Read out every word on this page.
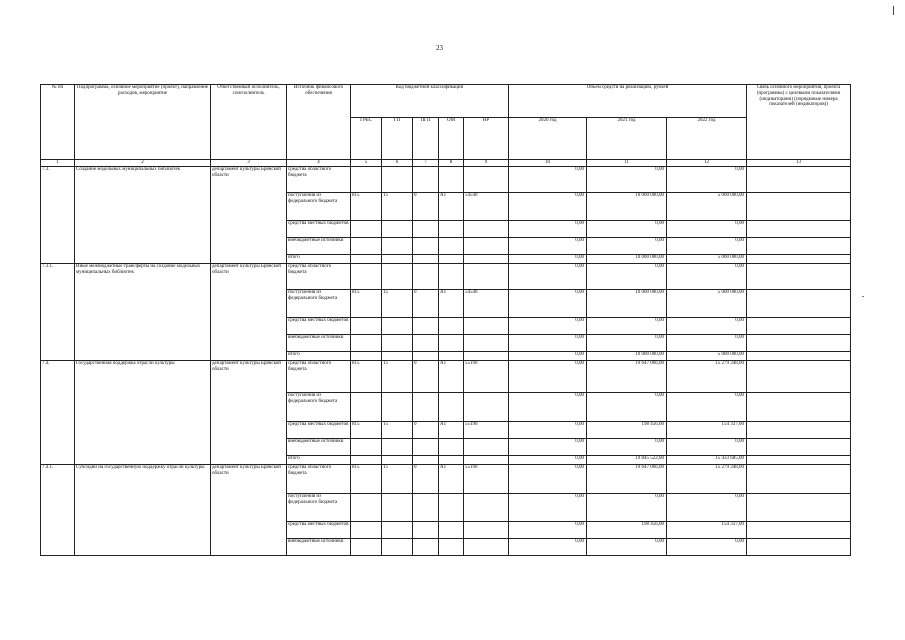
23
№ пп	Подпрограмма, основное мероприятие (проект), направление расходов, мероприятие	Ответственный исполнитель, соисполнитель	Источник финансового обеспечения	Код бюджетной классификации					Объём средств на реализацию, рублей			Связь основного мероприятия, проекта (программы) с целевыми показателями (индикаторами) (порядковые номера показателей (индикаторов))
				ГРБС	ГП	ПГП	ОМ	НР	2020 год	2021 год	2022 год	
1	2	3	4	5	6	7	8	9	10	11	12	13
7.3.	Создание модельных муниципальных библиотек	департамент культуры Брянской области	средства областного бюджета						0,00	0,00	0,00	
			поступления из федерального бюджета	815	15	0	A1	54540	0,00	10 000 000,00	5 000 000,00	
			средства местных бюджетов						0,00	0,00	0,00	
			внебюджетные источники						0,00	0,00	0,00	
			итого						0,00	10 000 000,00	5 000 000,00	
7.3.1.	Иные межбюджетные трансферты на создание модельных муниципальных библиотек	департамент культуры Брянской области	средства областного бюджета						0,00	0,00	0,00	
			поступления из федерального бюджета	815	15	0	A1	54540	0,00	10 000 000,00	5 000 000,00	
			средства местных бюджетов						0,00	0,00	0,00	
			внебюджетные источники						0,00	0,00	0,00	
			итого						0,00	10 000 000,00	5 000 000,00	
7.4.	Государственная поддержка отрасли культуры	департамент культуры Брянской области	средства областного бюджета	815	15	0	A1	55190	0,00	19 647 066,00	15 279 348,00	
			поступления из федерального бюджета						0,00	0,00	0,00	
			средства местных бюджетов	815	15	0	A1	55190	0,00	198 456,00	154 337,00	
			внебюджетные источники						0,00	0,00	0,00	
			итого						0,00	19 845 522,00	15 433 685,00	
7.4.1.	Субсидии на государственную поддержку отрасли культуры	департамент культуры Брянской области	средства областного бюджета	815	15	0	A1	55190	0,00	19 647 066,00	15 279 348,00	
			поступления из федерального бюджета						0,00	0,00	0,00	
			средства местных бюджетов						0,00	198 456,00	154 337,00	
			внебюджетные источники						0,00	0,00	0,00	
